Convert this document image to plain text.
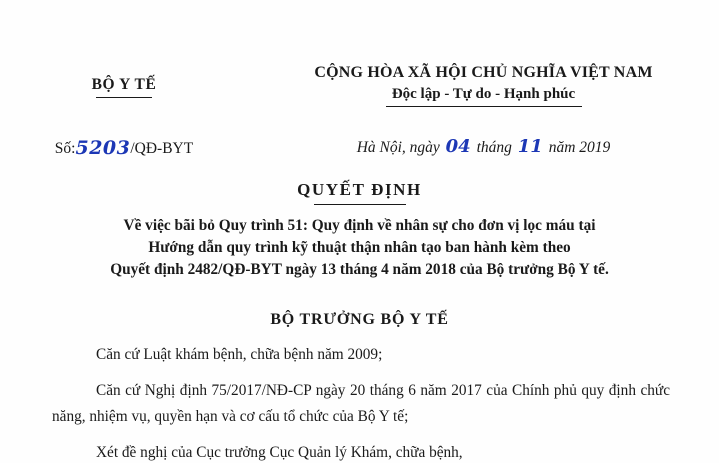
BỘ Y TẾ
CỘNG HÒA XÃ HỘI CHỦ NGHĨA VIỆT NAM
Độc lập - Tự do - Hạnh phúc
Số:5203/QĐ-BYT	Hà Nội, ngày 04 tháng 11 năm 2019
QUYẾT ĐỊNH
Về việc bãi bỏ Quy trình 51: Quy định về nhân sự cho đơn vị lọc máu tại
Hướng dẫn quy trình kỹ thuật thận nhân tạo ban hành kèm theo
Quyết định 2482/QĐ-BYT ngày 13 tháng 4 năm 2018 của Bộ trưởng Bộ Y tế.
BỘ TRƯỞNG BỘ Y TẾ

Căn cứ Luật khám bệnh, chữa bệnh năm 2009;

Căn cứ Nghị định 75/2017/NĐ-CP ngày 20 tháng 6 năm 2017 của Chính phủ quy định chức năng, nhiệm vụ, quyền hạn và cơ cấu tổ chức của Bộ Y tế;

Xét đề nghị của Cục trưởng Cục Quản lý Khám, chữa bệnh,
